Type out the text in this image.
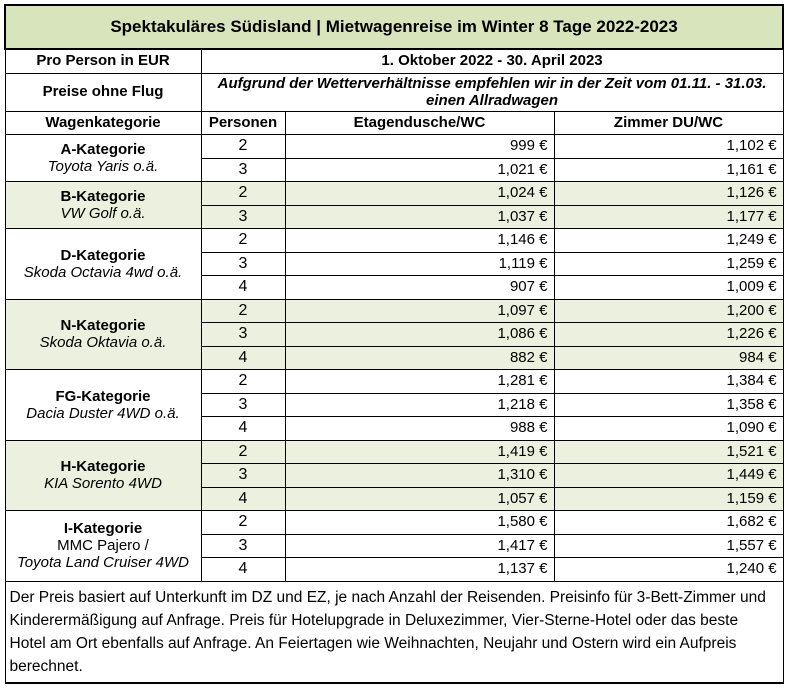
Spektakuläres Südisland | Mietwagenreise im Winter 8 Tage 2022-2023			
Pro Person in EUR	1. Oktober 2022 - 30. April 2023		
Preise ohne Flug	Aufgrund der Wetterverhältnisse empfehlen wir in der Zeit vom 01.11. - 31.03. einen Allradwagen		
Wagenkategorie	Personen	Etagendusche/WC	Zimmer DU/WC

A-Kategorie
Toyota Yaris o.ä.	2	999 €	1,102 €
	3	1,021 €	1,161 €

B-Kategorie
VW Golf o.ä.	2	1,024 €	1,126 €
	3	1,037 €	1,177 €

D-Kategorie
Skoda Octavia 4wd o.ä.	2	1,146 €	1,249 €
	3	1,119 €	1,259 €
	4	907 €	1,009 €

N-Kategorie
Skoda Oktavia o.ä.	2	1,097 €	1,200 €
	3	1,086 €	1,226 €
	4	882 €	984 €

FG-Kategorie
Dacia Duster 4WD o.ä.	2	1,281 €	1,384 €
	3	1,218 €	1,358 €
	4	988 €	1,090 €

H-Kategorie
KIA Sorento 4WD	2	1,419 €	1,521 €
	3	1,310 €	1,449 €
	4	1,057 €	1,159 €

I-Kategorie
MMC Pajero /
Toyota Land Cruiser 4WD	2	1,580 €	1,682 €
	3	1,417 €	1,557 €
	4	1,137 €	1,240 €
Der Preis basiert auf Unterkunft im DZ und EZ, je nach Anzahl der Reisenden. Preisinfo für 3-Bett-Zimmer und Kinderermäßigung auf Anfrage. Preis für Hotelupgrade in Deluxezimmer, Vier-Sterne-Hotel oder das beste Hotel am Ort ebenfalls auf Anfrage. An Feiertagen wie Weihnachten, Neujahr und Ostern wird ein Aufpreis berechnet.			
